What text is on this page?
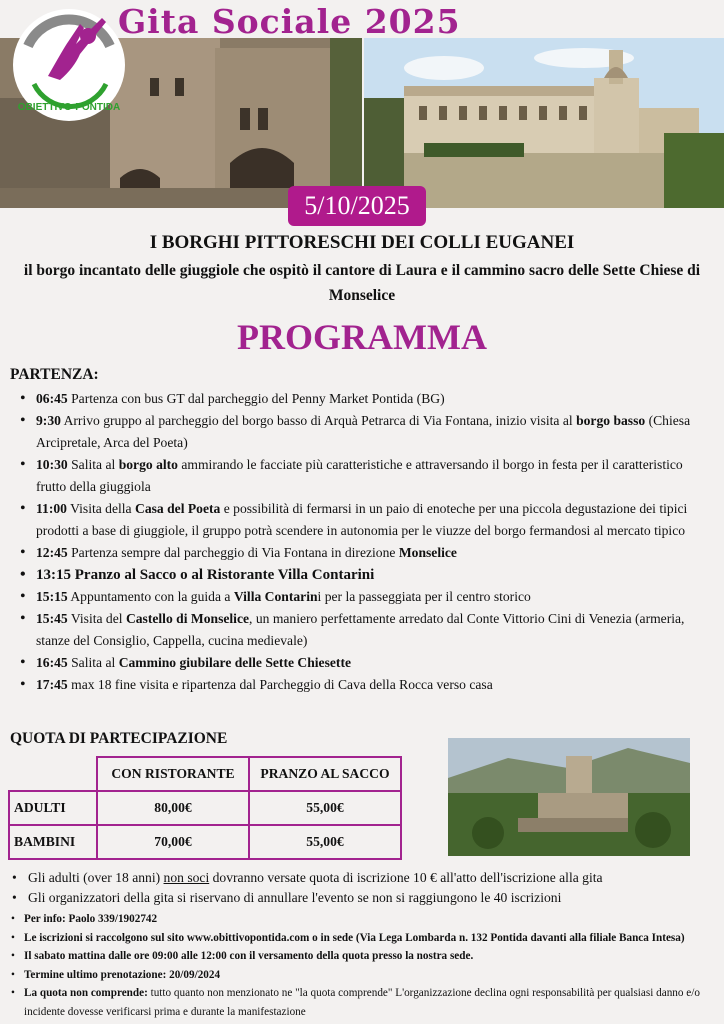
OBIETTIVO•PONTIDA
Gita Sociale 2025
5/10/2025
I BORGHI PITTORESCHI DEI COLLI EUGANEI
il borgo incantato delle giuggiole che ospitò il cantore di Laura e il cammino sacro delle Sette Chiese di Monselice
PROGRAMMA
PARTENZA:
• 06:45 Partenza con bus GT dal parcheggio del Penny Market Pontida (BG)
• 9:30 Arrivo gruppo al parcheggio del borgo basso di Arquà Petrarca di Via Fontana, inizio visita al borgo basso (Chiesa Arcipretale, Arca del Poeta)
• 10:30 Salita al borgo alto ammirando le facciate più caratteristiche e attraversando il borgo in festa per il caratteristico frutto della giuggiola
• 11:00 Visita della Casa del Poeta e possibilità di fermarsi in un paio di enoteche per una piccola degustazione dei tipici prodotti a base di giuggiole, il gruppo potrà scendere in autonomia per le viuzze del borgo fermandosi al mercato tipico
• 12:45 Partenza sempre dal parcheggio di Via Fontana in direzione Monselice
• 13:15 Pranzo al Sacco o al Ristorante Villa Contarini
• 15:15 Appuntamento con la guida a Villa Contarini per la passeggiata per il centro storico
• 15:45 Visita del Castello di Monselice, un maniero perfettamente arredato dal Conte Vittorio Cini di Venezia (armeria, stanze del Consiglio, Cappella, cucina medievale)
• 16:45 Salita al Cammino giubilare delle Sette Chiesette
• 17:45 max 18 fine visita e ripartenza dal Parcheggio di Cava della Rocca verso casa
QUOTA DI PARTECIPAZIONE
	CON RISTORANTE	PRANZO AL SACCO
ADULTI	80,00€	55,00€
BAMBINI	70,00€	55,00€
• Gli adulti (over 18 anni) non soci dovranno versate quota di iscrizione 10 € all'atto dell'iscrizione alla gita
• Gli organizzatori della gita si riservano di annullare l'evento se non si raggiungono le 40 iscrizioni
• Per info: Paolo 339/1902742
• Le iscrizioni si raccolgono sul sito www.obittivopontida.com o in sede (Via Lega Lombarda n. 132 Pontida davanti alla filiale Banca Intesa)
• Il sabato mattina dalle ore 09:00 alle 12:00 con il versamento della quota presso la nostra sede.
• Termine ultimo prenotazione: 20/09/2024
• La quota non comprende: tutto quanto non menzionato ne "la quota comprende" L'organizzazione declina ogni responsabilità per qualsiasi danno e/o incidente dovesse verificarsi prima e durante la manifestazione
